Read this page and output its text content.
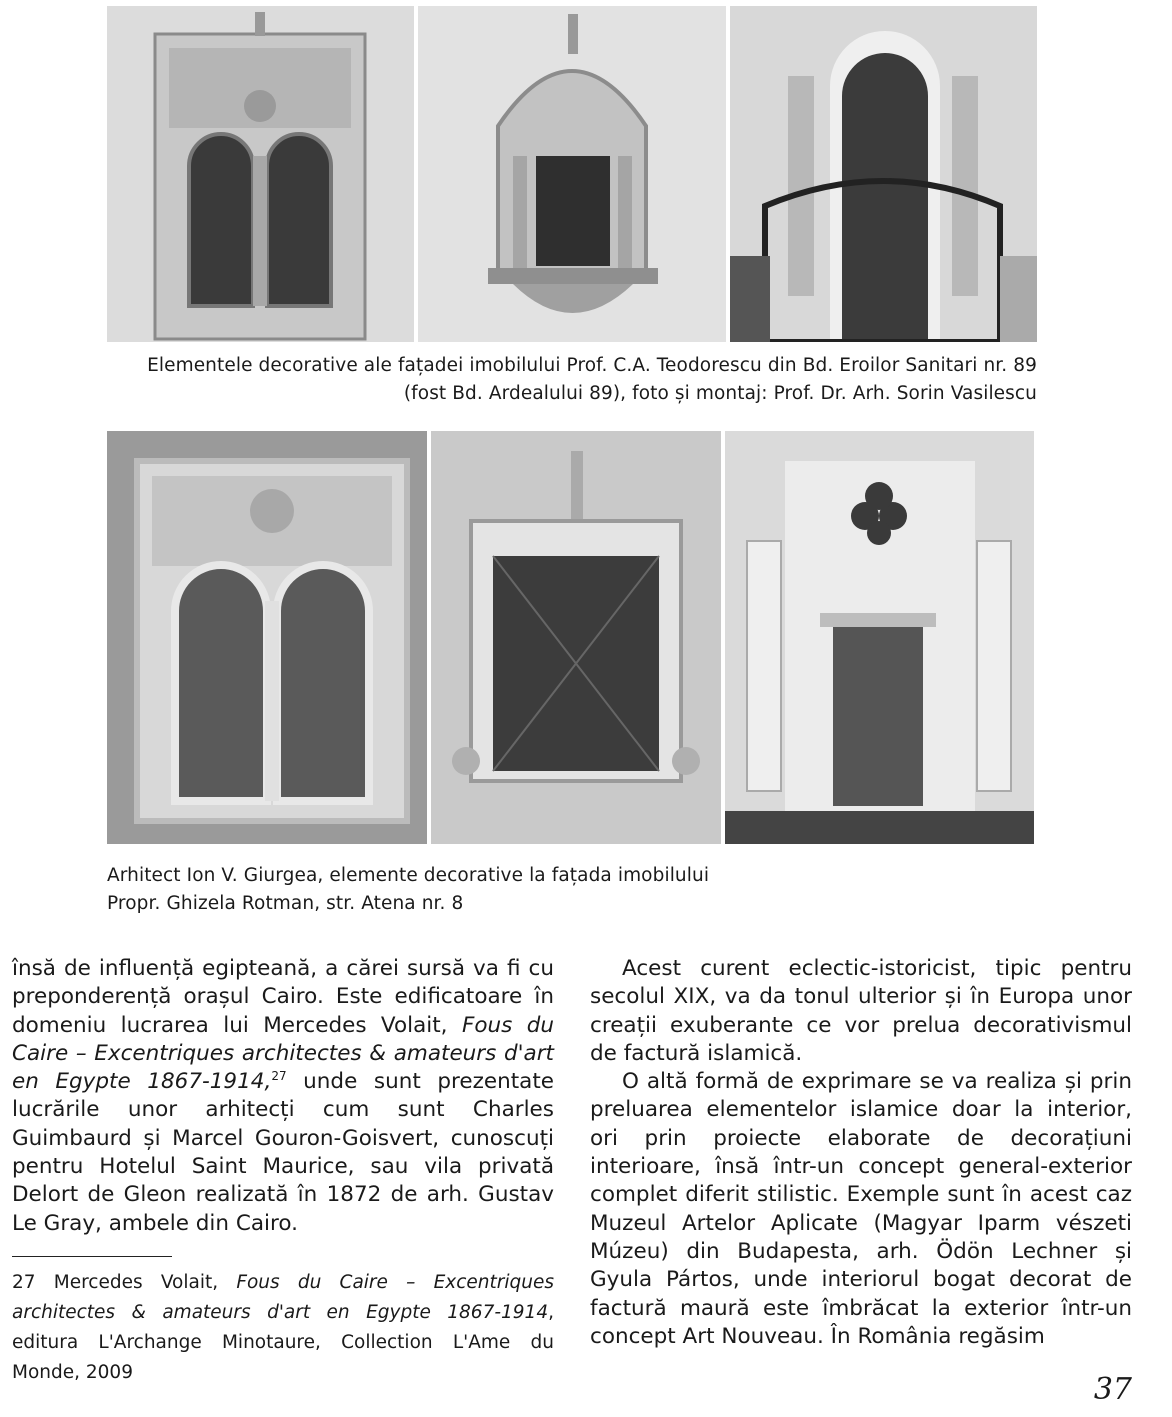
Elementele decorative ale fațadei imobilului Prof. C.A. Teodorescu din Bd. Eroilor Sanitari nr. 89
(fost Bd. Ardealului 89), foto și montaj: Prof. Dr. Arh. Sorin Vasilescu
Arhitect Ion V. Giurgea, elemente decorative la fațada imobilului
Propr. Ghizela Rotman, str. Atena nr. 8

însă de influență egipteană, a cărei sursă va fi cu preponderență orașul Cairo. Este edificatoare în domeniu lucrarea lui Mercedes Volait, Fous du Caire – Excentriques architectes & amateurs d'art en Egypte 1867-1914,27 unde sunt prezentate lucrările unor arhitecți cum sunt Charles Guimbaurd și Marcel Gouron-Goisvert, cunoscuți pentru Hotelul Saint Maurice, sau vila privată Delort de Gleon realizată în 1872 de arh. Gustav Le Gray, ambele din Cairo.

27 Mercedes Volait, Fous du Caire – Excentriques architectes & amateurs d'art en Egypte 1867-1914, editura L'Archange Minotaure, Collection L'Ame du Monde, 2009

Acest curent eclectic-istoricist, tipic pentru secolul XIX, va da tonul ulterior și în Europa unor creații exuberante ce vor prelua decorativismul de factură islamică.

O altă formă de exprimare se va realiza și prin preluarea elementelor islamice doar la interior, ori prin proiecte elaborate de decorațiuni interioare, însă într-un concept general-exterior complet diferit stilistic. Exemple sunt în acest caz Muzeul Artelor Aplicate (Magyar Iparm vészeti Múzeu) din Budapesta, arh. Ödön Lechner și Gyula Pártos, unde interiorul bogat decorat de factură maură este îmbrăcat la exterior într-un concept Art Nouveau. În România regăsim

37
